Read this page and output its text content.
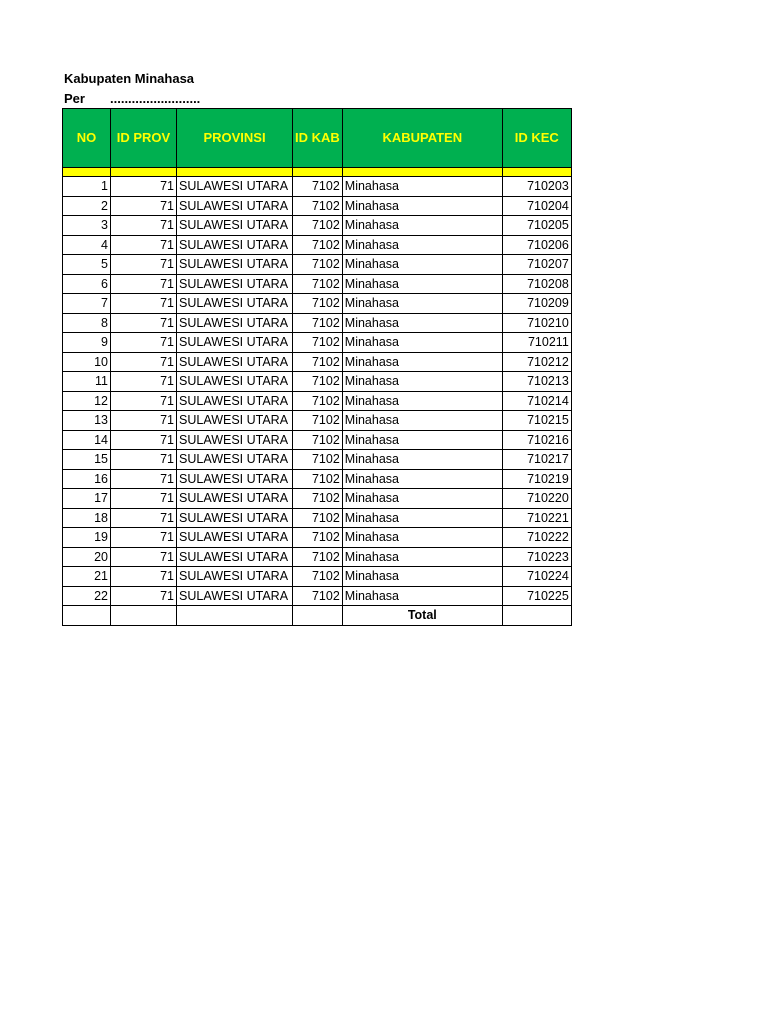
Kabupaten Minahasa
Per .........................
NO	ID PROV	PROVINSI	ID KAB	KABUPATEN	ID KEC

1	71	SULAWESI UTARA	7102	Minahasa	710203
2	71	SULAWESI UTARA	7102	Minahasa	710204
3	71	SULAWESI UTARA	7102	Minahasa	710205
4	71	SULAWESI UTARA	7102	Minahasa	710206
5	71	SULAWESI UTARA	7102	Minahasa	710207
6	71	SULAWESI UTARA	7102	Minahasa	710208
7	71	SULAWESI UTARA	7102	Minahasa	710209
8	71	SULAWESI UTARA	7102	Minahasa	710210
9	71	SULAWESI UTARA	7102	Minahasa	710211
10	71	SULAWESI UTARA	7102	Minahasa	710212
11	71	SULAWESI UTARA	7102	Minahasa	710213
12	71	SULAWESI UTARA	7102	Minahasa	710214
13	71	SULAWESI UTARA	7102	Minahasa	710215
14	71	SULAWESI UTARA	7102	Minahasa	710216
15	71	SULAWESI UTARA	7102	Minahasa	710217
16	71	SULAWESI UTARA	7102	Minahasa	710219
17	71	SULAWESI UTARA	7102	Minahasa	710220
18	71	SULAWESI UTARA	7102	Minahasa	710221
19	71	SULAWESI UTARA	7102	Minahasa	710222
20	71	SULAWESI UTARA	7102	Minahasa	710223
21	71	SULAWESI UTARA	7102	Minahasa	710224
22	71	SULAWESI UTARA	7102	Minahasa	710225
				Total	
